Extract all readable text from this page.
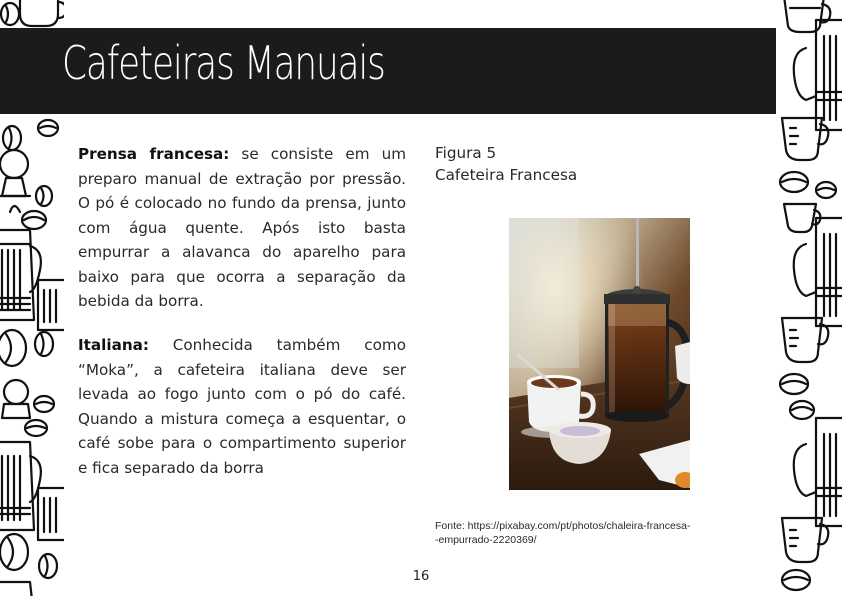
Cafeteiras Manuais
Prensa francesa: se consiste em um preparo manual de extração por pressão. O pó é colocado no fundo da prensa, junto com água quente. Após isto basta empurrar a alavanca do aparelho para baixo para que ocorra a separação da bebida da borra.
Italiana: Conhecida também como “Moka”, a cafeteira italiana deve ser levada ao fogo junto com o pó do café. Quando a mistura começa a esquentar, o café sobe para o compartimento superior e fica separado da borra
Figura 5
Cafeteira Francesa
Fonte: https://pixabay.com/pt/photos/chaleira-francesa-
-empurrado-2220369/
16
